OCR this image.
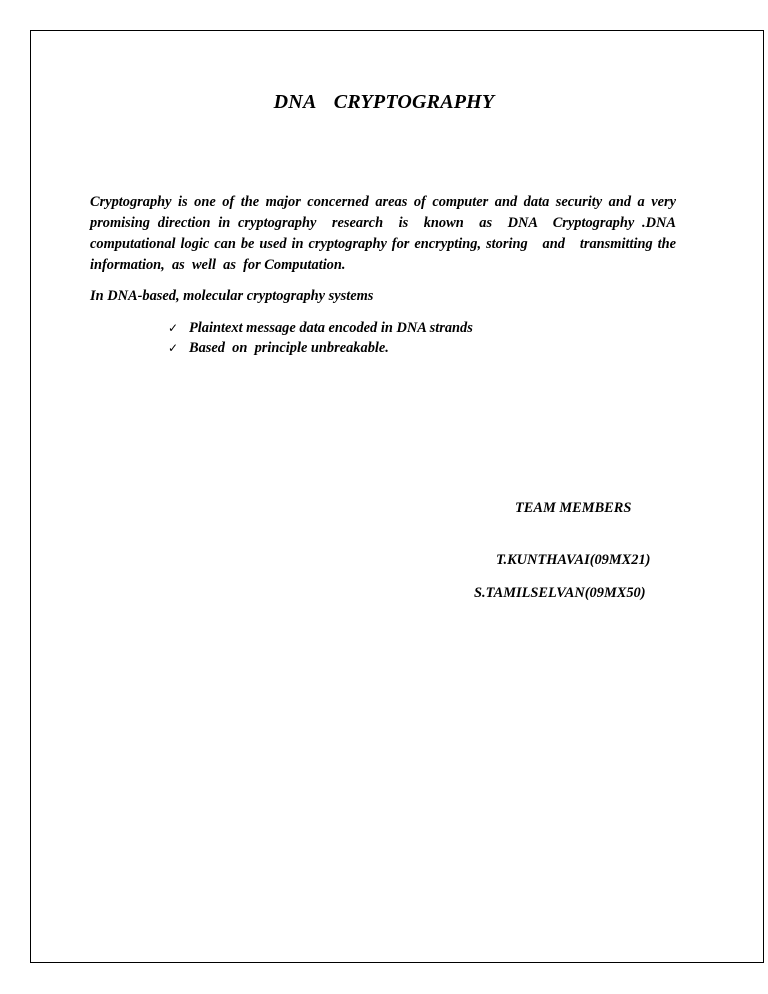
DNA  CRYPTOGRAPHY

Cryptography is one of the major concerned areas of computer and data security and a very promising direction in cryptography  research  is  known  as  DNA  Cryptography .DNA computational logic can be used in cryptography for encrypting, storing   and   transmitting the  information,  as  well  as  for Computation.

In DNA-based, molecular cryptography systems

✓ Plaintext message data encoded in DNA strands
✓ Based  on  principle unbreakable.

TEAM MEMBERS

T.KUNTHAVAI(09MX21)

S.TAMILSELVAN(09MX50)
